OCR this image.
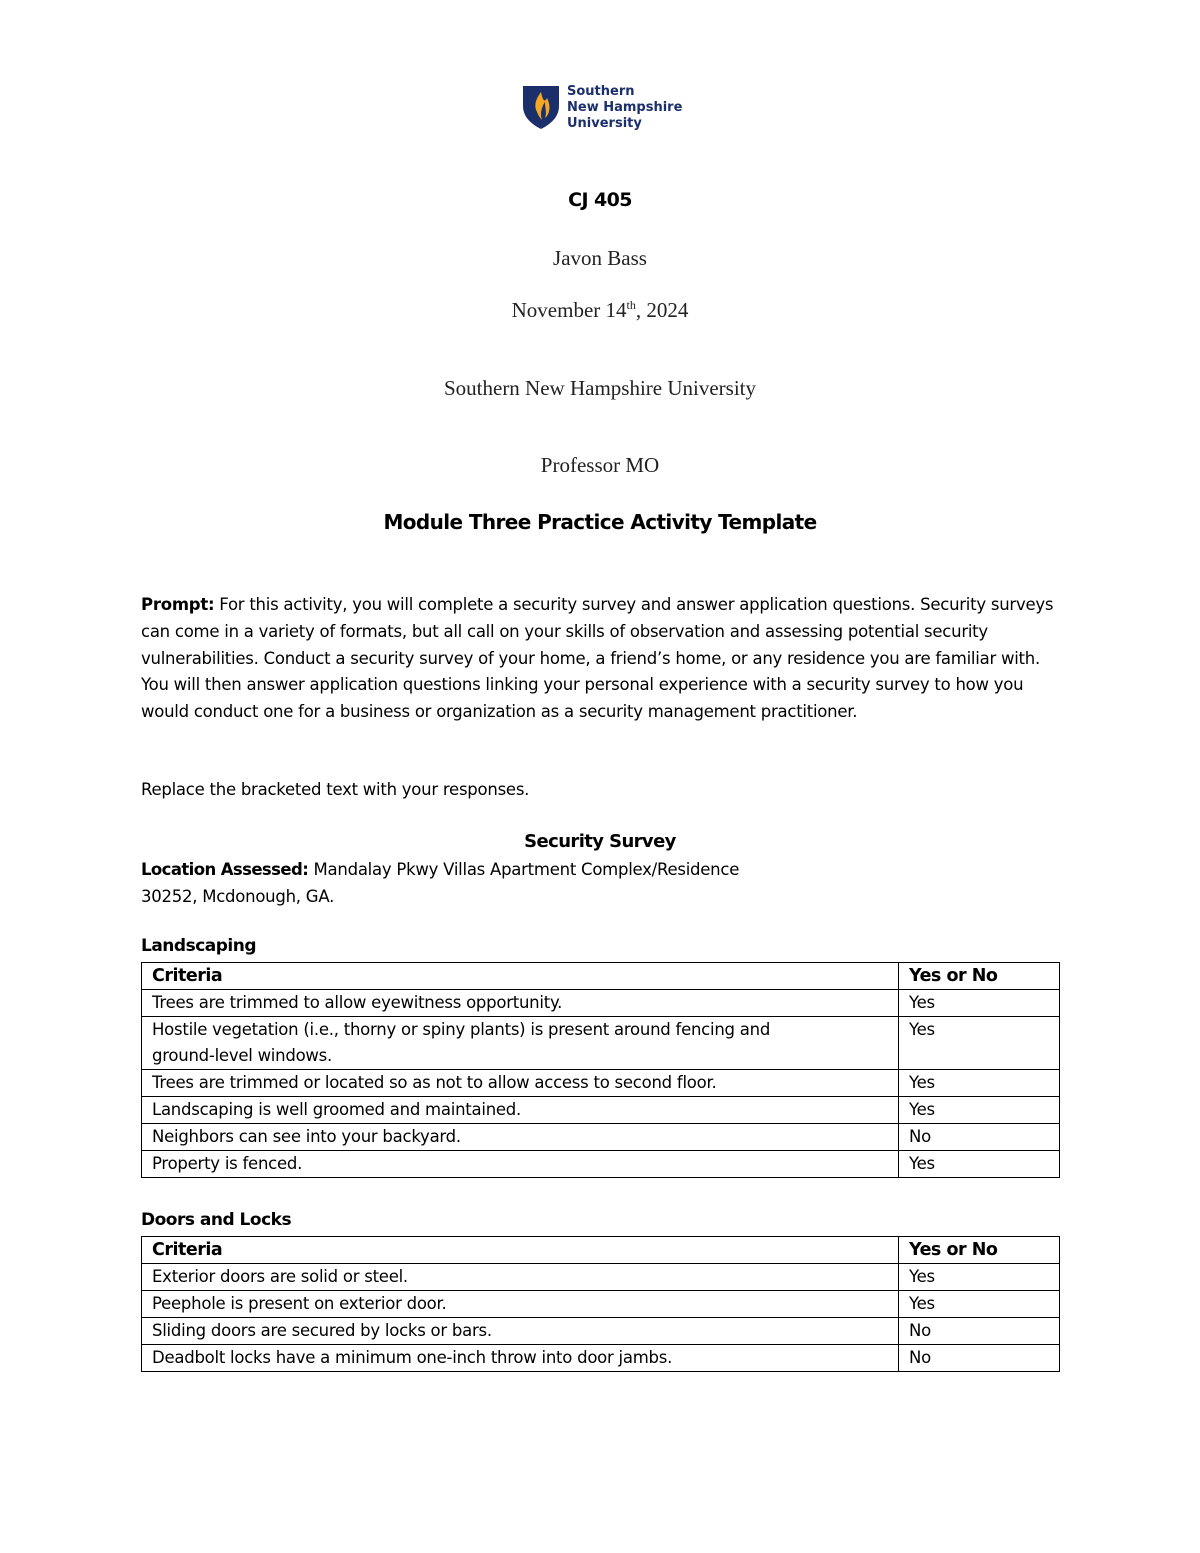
Southern
New Hampshire
University
CJ 405
Javon Bass
November 14th, 2024
Southern New Hampshire University
Professor MO
Module Three Practice Activity Template
Prompt: For this activity, you will complete a security survey and answer application questions. Security surveys can come in a variety of formats, but all call on your skills of observation and assessing potential security vulnerabilities. Conduct a security survey of your home, a friend’s home, or any residence you are familiar with. You will then answer application questions linking your personal experience with a security survey to how you would conduct one for a business or organization as a security management practitioner.
Replace the bracketed text with your responses.
Security Survey
Location Assessed: Mandalay Pkwy Villas Apartment Complex/Residence
30252, Mcdonough, GA.
Landscaping
Criteria	Yes or No
Trees are trimmed to allow eyewitness opportunity.	Yes
Hostile vegetation (i.e., thorny or spiny plants) is present around fencing and ground-level windows.	Yes
Trees are trimmed or located so as not to allow access to second floor.	Yes
Landscaping is well groomed and maintained.	Yes
Neighbors can see into your backyard.	No
Property is fenced.	Yes
Doors and Locks
Criteria	Yes or No
Exterior doors are solid or steel.	Yes
Peephole is present on exterior door.	Yes
Sliding doors are secured by locks or bars.	No
Deadbolt locks have a minimum one-inch throw into door jambs.	No
